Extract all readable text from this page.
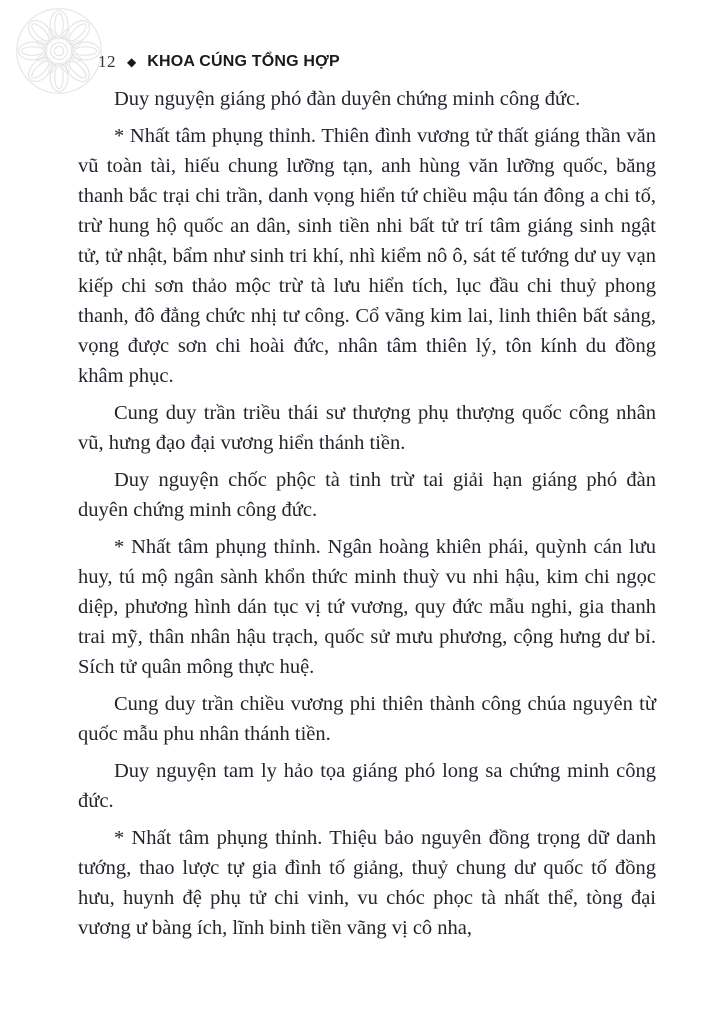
12 ◆ KHOA CÚNG TỔNG HỢP

Duy nguyện giáng phó đàn duyên chứng minh công đức.

* Nhất tâm phụng thỉnh. Thiên đình vương tử thất giáng thần văn vũ toàn tài, hiếu chung lưỡng tạn, anh hùng văn lưỡng quốc, băng thanh bắc trại chi trần, danh vọng hiển tứ chiều mậu tán đông a chi tố, trừ hung hộ quốc an dân, sinh tiền nhi bất tử trí tâm giáng sinh ngật tử, tử nhật, bẩm như sinh tri khí, nhì kiểm nô ô, sát tế tướng dư uy vạn kiếp chi sơn thảo mộc trừ tà lưu hiển tích, lục đầu chi thuỷ phong thanh, đô đẳng chức nhị tư công. Cổ vãng kim lai, linh thiên bất sảng, vọng được sơn chi hoài đức, nhân tâm thiên lý, tôn kính du đồng khâm phục.

Cung duy trần triều thái sư thượng phụ thượng quốc công nhân vũ, hưng đạo đại vương hiển thánh tiền.

Duy nguyện chốc phộc tà tinh trừ tai giải hạn giáng phó đàn duyên chứng minh công đức.

* Nhất tâm phụng thỉnh. Ngân hoàng khiên phái, quỳnh cán lưu huy, tú mộ ngân sành khổn thức minh thuỳ vu nhi hậu, kim chi ngọc diệp, phương hình dán tục vị tứ vương, quy đức mẫu nghi, gia thanh trai mỹ, thân nhân hậu trạch, quốc sử mưu phương, cộng hưng dư bỉ. Sích tử quân mông thực huệ.

Cung duy trần chiều vương phi thiên thành công chúa nguyên từ quốc mẫu phu nhân thánh tiền.

Duy nguyện tam ly hảo tọa giáng phó long sa chứng minh công đức.

* Nhất tâm phụng thỉnh. Thiệu bảo nguyên đồng trọng dữ danh tướng, thao lược tự gia đình tố giảng, thuỷ chung dư quốc tố đồng hưu, huynh đệ phụ tử chi vinh, vu chóc phọc tà nhất thể, tòng đại vương ư bàng ích, lĩnh binh tiền vãng vị cô nha,
